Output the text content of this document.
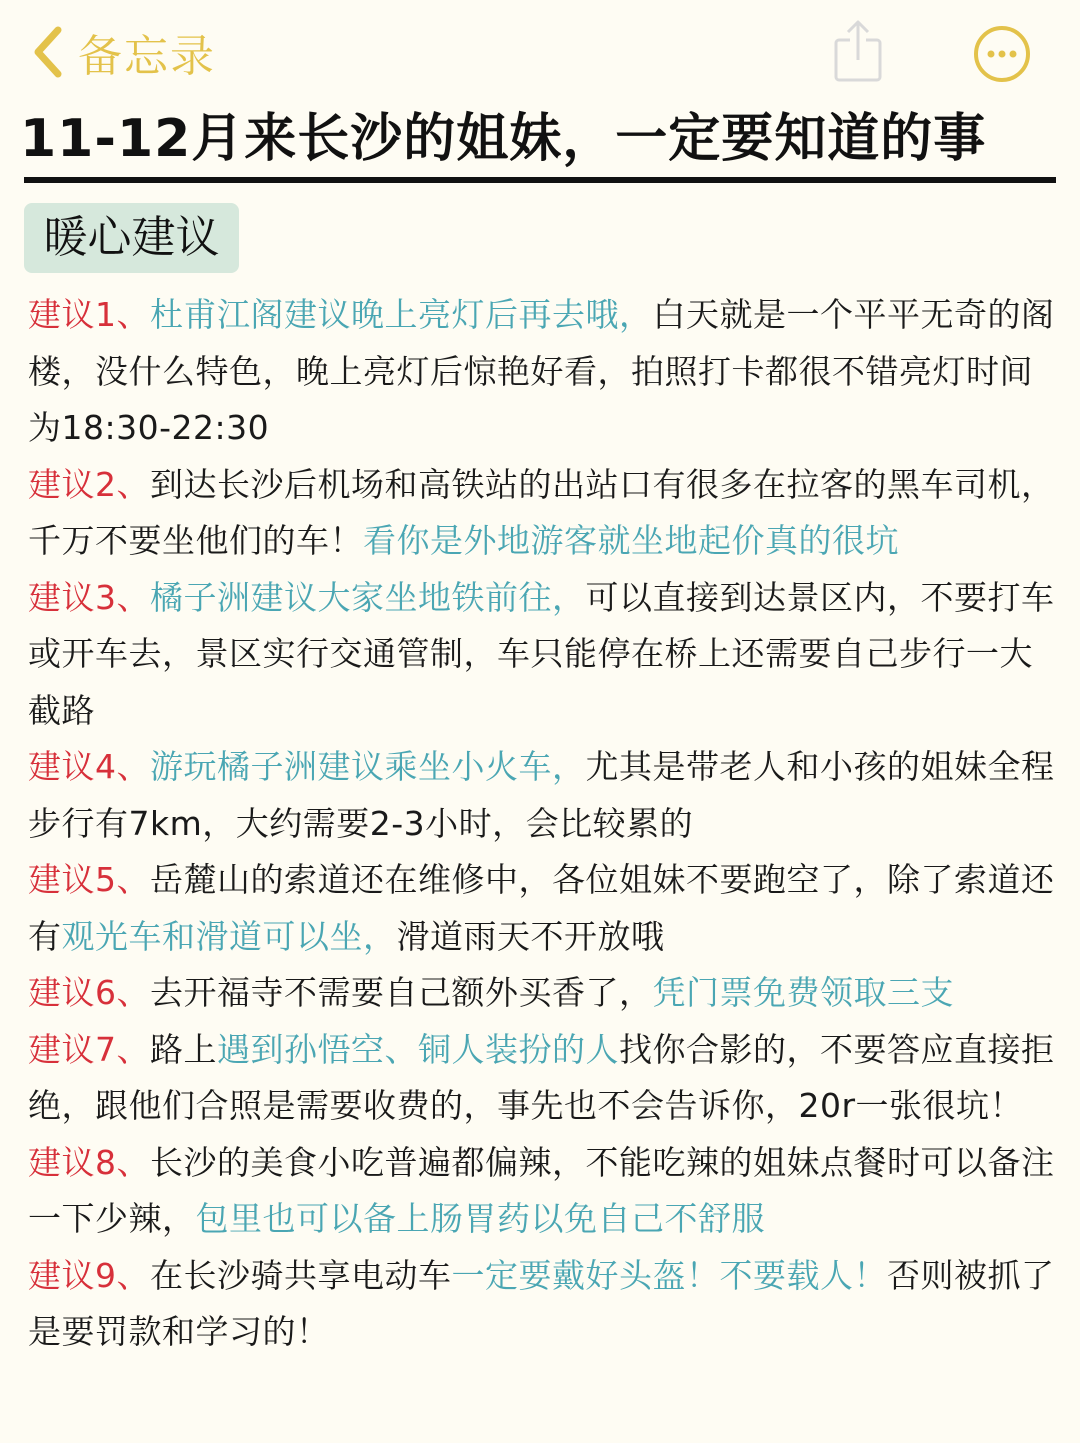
备忘录
11-12月来长沙的姐妹，一定要知道的事
暖心建议

建议1、杜甫江阁建议晚上亮灯后再去哦，白天就是一个平平无奇的阁楼，没什么特色，晚上亮灯后惊艳好看，拍照打卡都很不错亮灯时间为18:30-22:30

建议2、到达长沙后机场和高铁站的出站口有很多在拉客的黑车司机，千万不要坐他们的车！看你是外地游客就坐地起价真的很坑

建议3、橘子洲建议大家坐地铁前往，可以直接到达景区内，不要打车或开车去，景区实行交通管制，车只能停在桥上还需要自己步行一大截路

建议4、游玩橘子洲建议乘坐小火车，尤其是带老人和小孩的姐妹全程步行有7km，大约需要2-3小时，会比较累的

建议5、岳麓山的索道还在维修中，各位姐妹不要跑空了，除了索道还有观光车和滑道可以坐，滑道雨天不开放哦

建议6、去开福寺不需要自己额外买香了，凭门票免费领取三支

建议7、路上遇到孙悟空、铜人装扮的人找你合影的，不要答应直接拒绝，跟他们合照是需要收费的，事先也不会告诉你，20r一张很坑！

建议8、长沙的美食小吃普遍都偏辣，不能吃辣的姐妹点餐时可以备注一下少辣，包里也可以备上肠胃药以免自己不舒服

建议9、在长沙骑共享电动车一定要戴好头盔！不要载人！否则被抓了是要罚款和学习的！
